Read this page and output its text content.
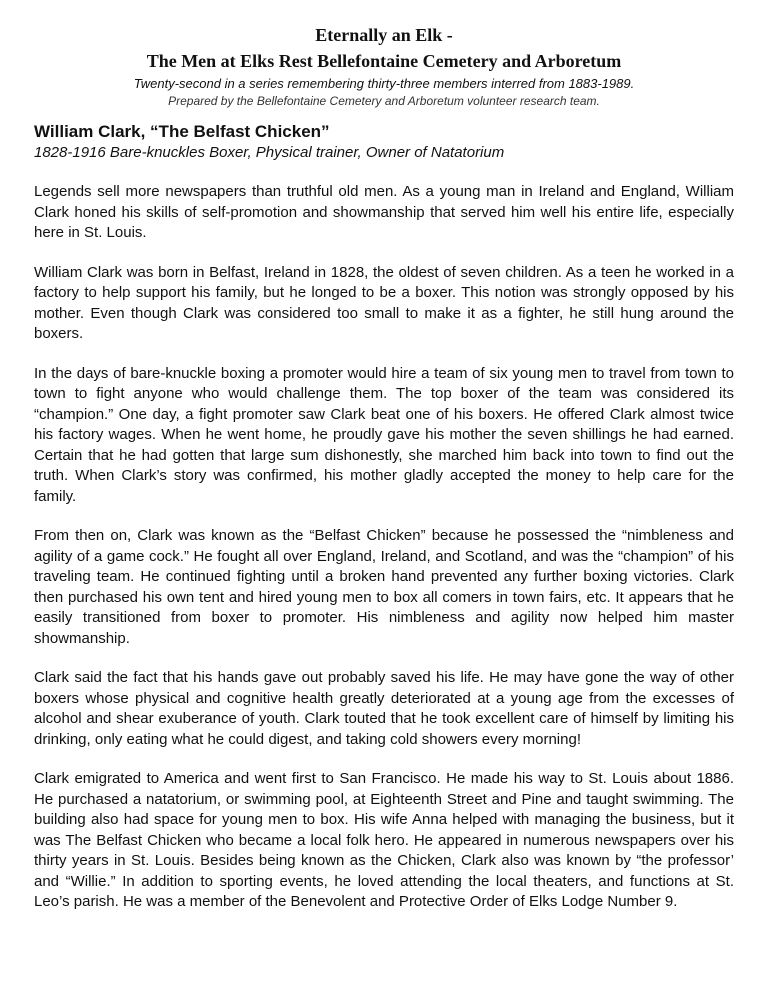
Eternally an Elk -

The Men at Elks Rest Bellefontaine Cemetery and Arboretum

Twenty-second in a series remembering thirty-three members interred from 1883-1989.

Prepared by the Bellefontaine Cemetery and Arboretum volunteer research team.

William Clark, “The Belfast Chicken”

1828-1916 Bare-knuckles Boxer, Physical trainer, Owner of Natatorium

Legends sell more newspapers than truthful old men. As a young man in Ireland and England, William Clark honed his skills of self-promotion and showmanship that served him well his entire life, especially here in St. Louis.

William Clark was born in Belfast, Ireland in 1828, the oldest of seven children. As a teen he worked in a factory to help support his family, but he longed to be a boxer. This notion was strongly opposed by his mother. Even though Clark was considered too small to make it as a fighter, he still hung around the boxers.

In the days of bare-knuckle boxing a promoter would hire a team of six young men to travel from town to town to fight anyone who would challenge them. The top boxer of the team was considered its “champion.” One day, a fight promoter saw Clark beat one of his boxers. He offered Clark almost twice his factory wages. When he went home, he proudly gave his mother the seven shillings he had earned. Certain that he had gotten that large sum dishonestly, she marched him back into town to find out the truth. When Clark’s story was confirmed, his mother gladly accepted the money to help care for the family.

From then on, Clark was known as the “Belfast Chicken” because he possessed the “nimbleness and agility of a game cock.” He fought all over England, Ireland, and Scotland, and was the “champion” of his traveling team. He continued fighting until a broken hand prevented any further boxing victories. Clark then purchased his own tent and hired young men to box all comers in town fairs, etc. It appears that he easily transitioned from boxer to promoter. His nimbleness and agility now helped him master showmanship.

Clark said the fact that his hands gave out probably saved his life. He may have gone the way of other boxers whose physical and cognitive health greatly deteriorated at a young age from the excesses of alcohol and shear exuberance of youth. Clark touted that he took excellent care of himself by limiting his drinking, only eating what he could digest, and taking cold showers every morning!

Clark emigrated to America and went first to San Francisco. He made his way to St. Louis about 1886. He purchased a natatorium, or swimming pool, at Eighteenth Street and Pine and taught swimming. The building also had space for young men to box. His wife Anna helped with managing the business, but it was The Belfast Chicken who became a local folk hero. He appeared in numerous newspapers over his thirty years in St. Louis. Besides being known as the Chicken, Clark also was known by “the professor’ and “Willie.” In addition to sporting events, he loved attending the local theaters, and functions at St. Leo’s parish. He was a member of the Benevolent and Protective Order of Elks Lodge Number 9.
